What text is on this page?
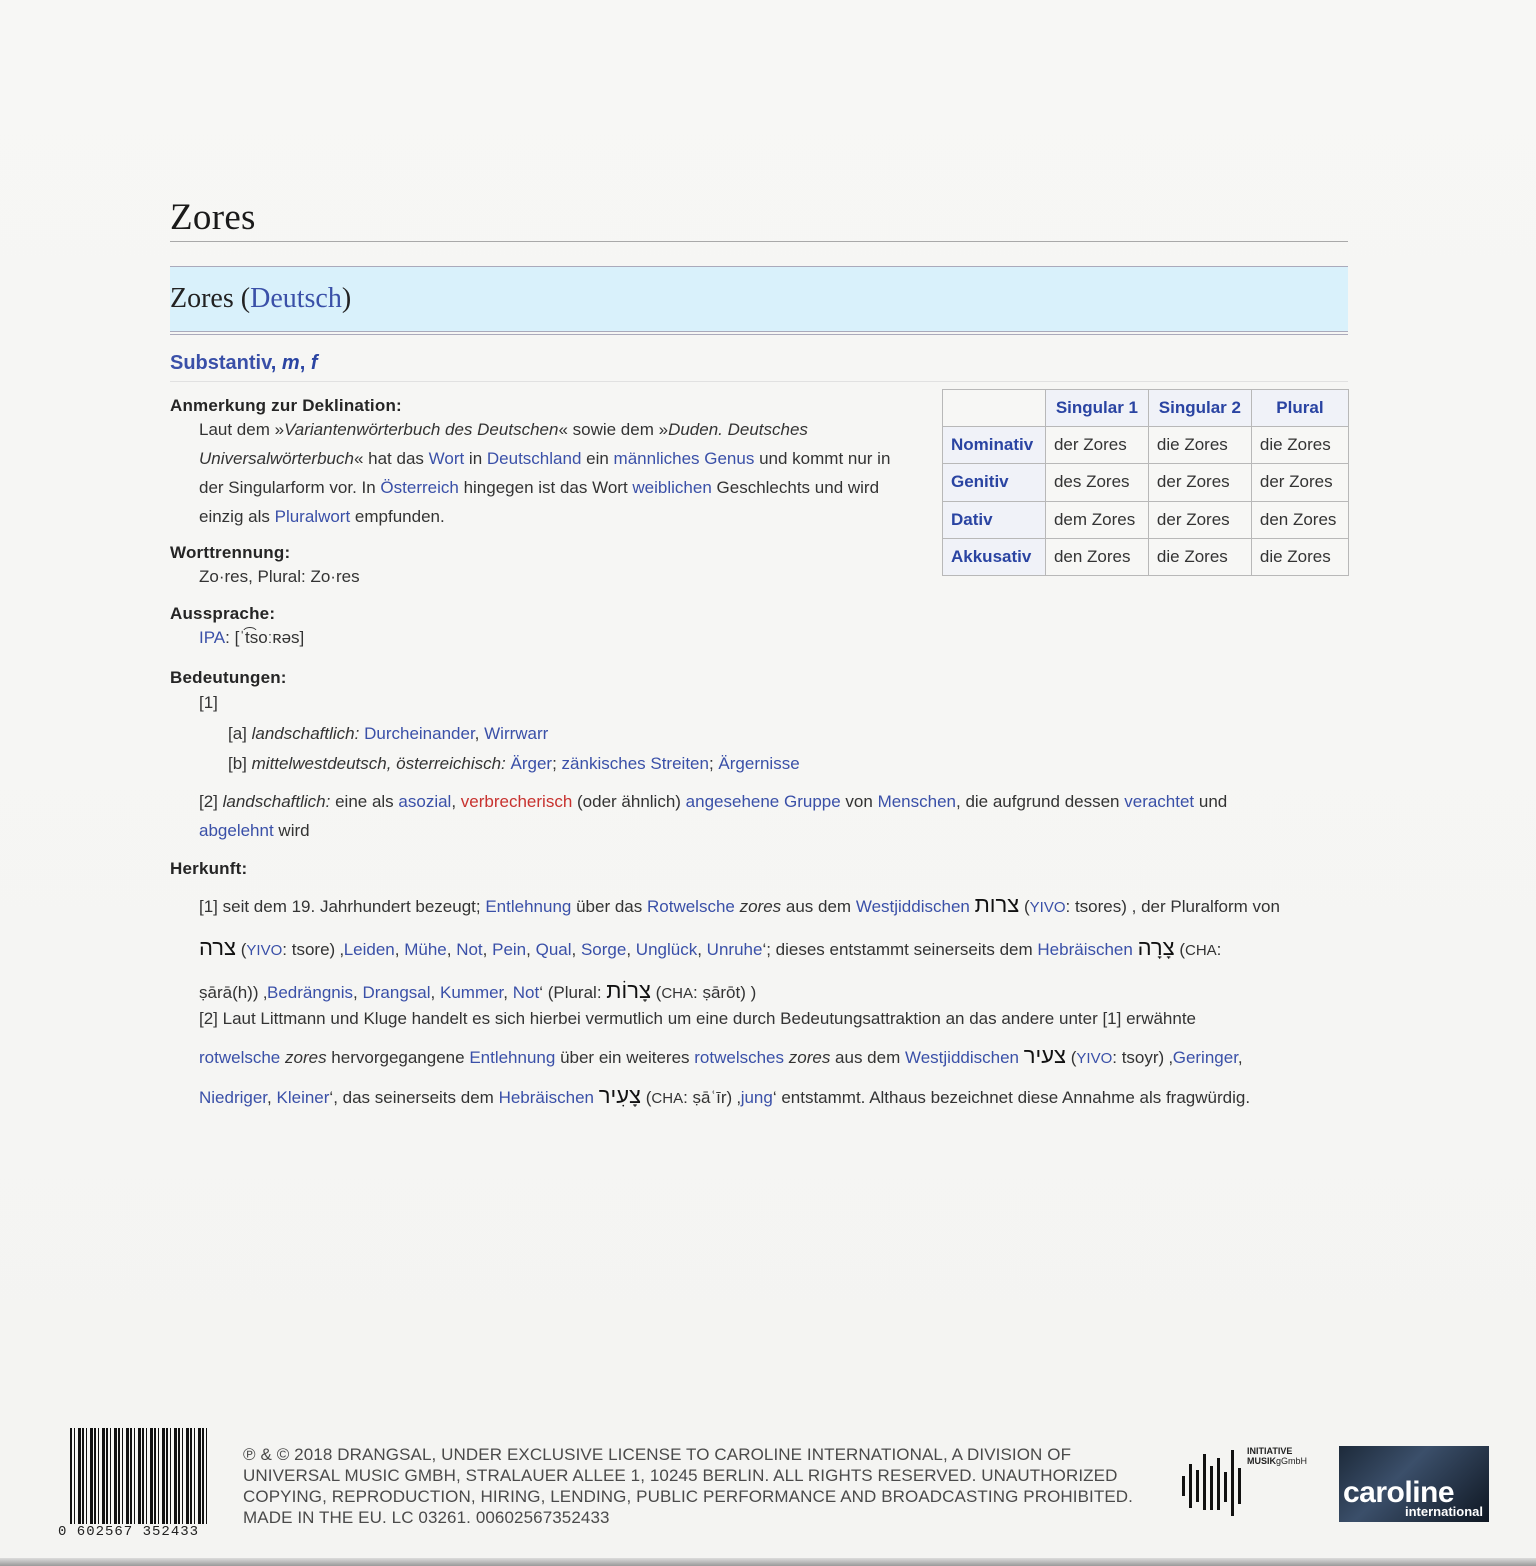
Zores
Zores (Deutsch)
Substantiv, m, f
Anmerkung zur Deklination:
Laut dem »Variantenwörterbuch des Deutschen« sowie dem »Duden. Deutsches
Universalwörterbuch« hat das Wort in Deutschland ein männliches Genus und kommt nur in
der Singularform vor. In Österreich hingegen ist das Wort weiblichen Geschlechts und wird
einzig als Pluralwort empfunden.
Worttrennung:
Zo·res, Plural: Zo·res
Aussprache:
IPA: [ˈt͡soːʀəs]
Bedeutungen:
[1]
[a] landschaftlich: Durcheinander, Wirrwarr
[b] mittelwestdeutsch, österreichisch: Ärger; zänkisches Streiten; Ärgernisse
[2] landschaftlich: eine als asozial, verbrecherisch (oder ähnlich) angesehene Gruppe von Menschen, die aufgrund dessen verachtet und
abgelehnt wird
Herkunft:
[1] seit dem 19. Jahrhundert bezeugt; Entlehnung über das Rotwelsche zores aus dem Westjiddischen צרות (YIVO: tsores) , der Pluralform von
צרה (YIVO: tsore) ‚Leiden, Mühe, Not, Pein, Qual, Sorge, Unglück, Unruhe‘; dieses entstammt seinerseits dem Hebräischen צָרָה (CHA:
ṣārā(h)) ‚Bedrängnis, Drangsal, Kummer, Not‘ (Plural: צָרוֹת (CHA: ṣārōt) )
[2] Laut Littmann und Kluge handelt es sich hierbei vermutlich um eine durch Bedeutungsattraktion an das andere unter [1] erwähnte
rotwelsche zores hervorgegangene Entlehnung über ein weiteres rotwelsches zores aus dem Westjiddischen צעיר (YIVO: tsoyr) ‚Geringer,
Niedriger, Kleiner‘, das seinerseits dem Hebräischen צָעִיר (CHA: ṣāʿīr) ‚jung‘ entstammt. Althaus bezeichnet diese Annahme als fragwürdig.
	Singular 1	Singular 2	Plural
Nominativ	der Zores	die Zores	die Zores
Genitiv	des Zores	der Zores	der Zores
Dativ	dem Zores	der Zores	den Zores
Akkusativ	den Zores	die Zores	die Zores
0 602567 352433
℗ & © 2018 DRANGSAL, UNDER EXCLUSIVE LICENSE TO CAROLINE INTERNATIONAL, A DIVISION OF UNIVERSAL MUSIC GMBH, STRALAUER ALLEE 1, 10245 BERLIN. ALL RIGHTS RESERVED. UNAUTHORIZED COPYING, REPRODUCTION, HIRING, LENDING, PUBLIC PERFORMANCE AND BROADCASTING PROHIBITED. MADE IN THE EU. LC 03261. 00602567352433
INITIATIVE
MUSIKgGmbH
caroline
international
